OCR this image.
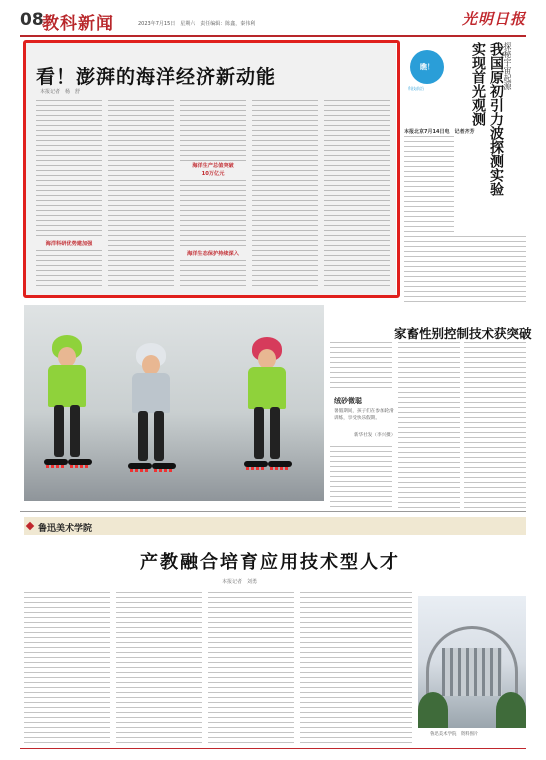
08
教科新闻	2023年7月15日　星期六　责任编辑：陈鑫，秦伟利	光明日报
看！澎湃的海洋经济新动能
本报记者　杨　舒
海洋科研优势建加强
海洋生产总值突破
10万亿元
海洋生态保护持续深入
瞧！
科技前沿	探秘宇宙起源
我国原初引力波探测实验
实现首光观测
本报北京7月14日电　记者齐芳
家畜性别控制技术获突破
绒砂微聪
暑假期间，孩子们在参加轮滑训练，享受快乐假期。
新华社发（李兴摄）
鲁迅美术学院
产教融合培育应用技术型人才
本报记者　刘勇
鲁迅美术学院　资料图片
